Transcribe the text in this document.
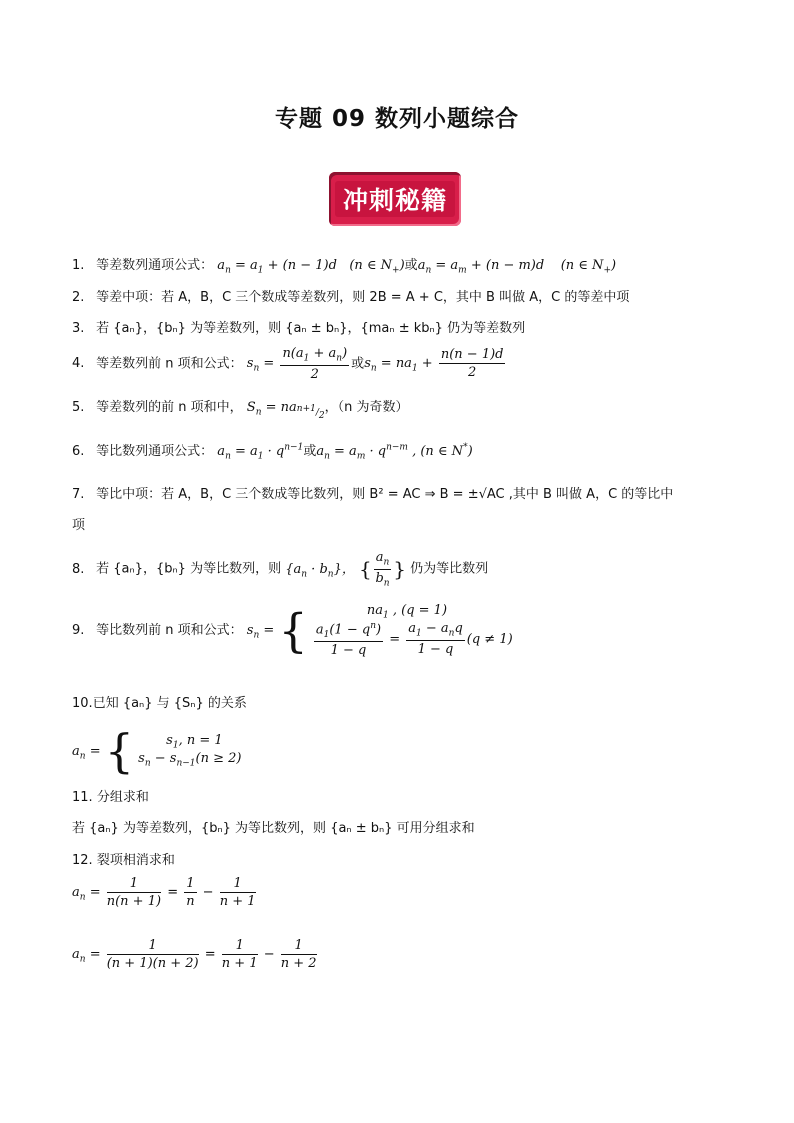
专题 09 数列小题综合
冲刺秘籍
1. 等差数列通项公式： $a_n = a_1 + (n - 1)d$   (n ∈ $N_+$)或$a_n = a_m + (n - m)d$    (n ∈ $N_+$)
2. 等差中项：若 A，B，C 三个数成等差数列，则 2B = A + C，其中 B 叫做 A，C 的等差中项
3. 若 {aₙ}，{bₙ} 为等差数列，则 {aₙ ± bₙ}，{maₙ ± kbₙ} 仍为等差数列
4. 等差数列前 n 项和公式： $s_n = \frac{n(a_1 + a_n)}{2}$ 或$s_n = na_1 + \frac{n(n - 1)d}{2}$
5. 等差数列的前 n 项和中， $S_n = na_{^{n+1}/_2}$，（n 为奇数）
6. 等比数列通项公式： $a_n = a_1 \cdot q^{n-1}$或$a_n = a_m \cdot q^{n-m}$ , (n ∈ N*)
7. 等比中项：若 A，B，C 三个数成等比数列，则 B² = AC ⇒ B = ±√AC ,其中 B 叫做 A，C 的等比中
项
8. 若 {aₙ}，{bₙ} 为等比数列，则 $\{a_n \cdot b_n\}$， { $\frac{a_n}{b_n}$ } 仍为等比数列
9. 等比数列前 n 项和公式： $s_n$ = {	$na_1$ , (q = 1)
$\frac{a_1(1 - q^n)}{1 - q} = \frac{a_1 - a_nq}{1 - q} (q \ne 1)$
10.已知 {aₙ} 与 {Sₙ} 的关系
$a_n$ = {	$s_1$, n = 1
$s_n - s_{n-1}(n \ge 2)$
11. 分组求和
若 {aₙ} 为等差数列，{bₙ} 为等比数列，则 {aₙ ± bₙ} 可用分组求和
12. 裂项相消求和
$a_n = \frac{1}{n(n + 1)} = \frac{1}{n} - \frac{1}{n + 1}$
$a_n = \frac{1}{(n + 1)(n + 2)} = \frac{1}{n + 1} - \frac{1}{n + 2}$
